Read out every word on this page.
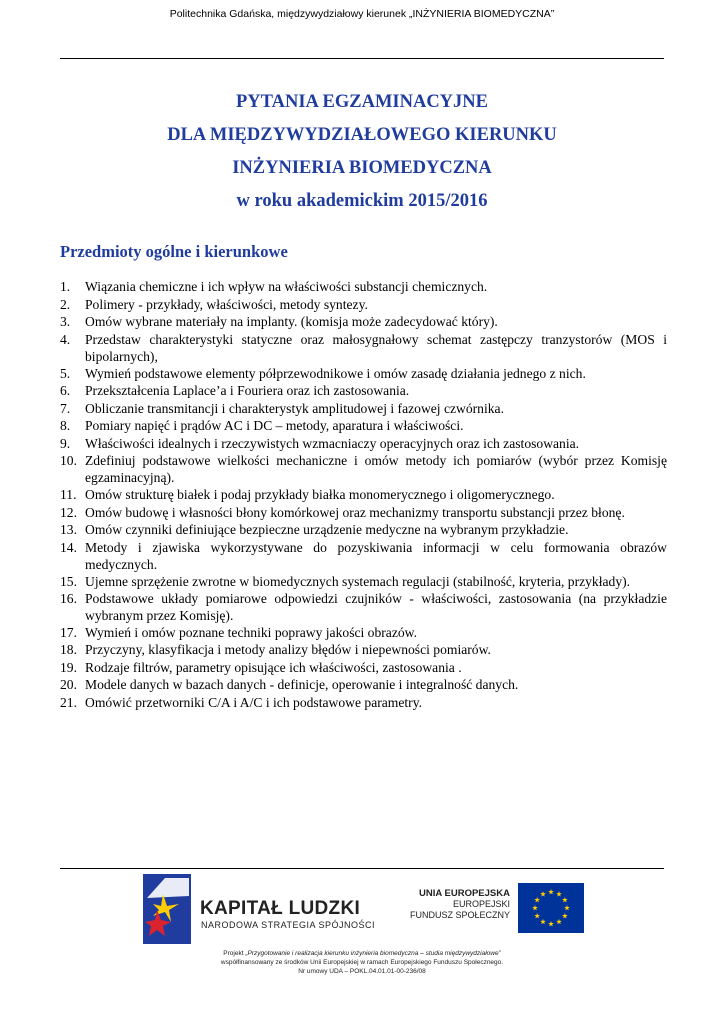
Politechnika Gdańska, międzywydziałowy kierunek „INŻYNIERIA BIOMEDYCZNA”
PYTANIA EGZAMINACYJNE
DLA MIĘDZYWYDZIAŁOWEGO KIERUNKU
INŻYNIERIA BIOMEDYCZNA
w roku akademickim 2015/2016
Przedmioty ogólne i kierunkowe
1.	Wiązania chemiczne i ich wpływ na właściwości substancji chemicznych.
2.	Polimery - przykłady, właściwości, metody syntezy.
3.	Omów wybrane materiały na implanty. (komisja może zadecydować który).
4.	Przedstaw charakterystyki statyczne oraz małosygnałowy schemat zastępczy tranzystorów (MOS i bipolarnych),
5.	Wymień podstawowe elementy półprzewodnikowe i omów zasadę działania jednego z nich.
6.	Przekształcenia Laplace’a i Fouriera oraz ich zastosowania.
7.	Obliczanie transmitancji i charakterystyk amplitudowej i fazowej czwórnika.
8.	Pomiary napięć i prądów AC i DC – metody, aparatura i właściwości.
9.	Właściwości idealnych i rzeczywistych wzmacniaczy operacyjnych oraz ich zastosowania.
10. Zdefiniuj podstawowe wielkości mechaniczne i omów metody ich pomiarów (wybór przez Komisję egzaminacyjną).
11. Omów strukturę białek i podaj przykłady białka monomerycznego i oligomerycznego.
12. Omów budowę i własności błony komórkowej oraz mechanizmy transportu substancji przez błonę.
13. Omów czynniki definiujące bezpieczne urządzenie medyczne na wybranym przykładzie.
14. Metody i zjawiska wykorzystywane do pozyskiwania informacji w celu formowania obrazów medycznych.
15. Ujemne sprzężenie zwrotne w biomedycznych systemach regulacji (stabilność, kryteria, przykłady).
16. Podstawowe układy pomiarowe odpowiedzi czujników - właściwości, zastosowania (na przykładzie wybranym przez Komisję).
17. Wymień i omów poznane techniki poprawy jakości obrazów.
18. Przyczyny, klasyfikacja i metody analizy błędów i niepewności pomiarów.
19. Rodzaje filtrów, parametry opisujące ich właściwości, zastosowania .
20. Modele danych w bazach danych - definicje, operowanie i integralność danych.
21. Omówić przetworniki C/A i A/C i ich podstawowe parametry.
KAPITAŁ LUDZKI
NARODOWA STRATEGIA SPÓJNOŚCI
UNIA EUROPEJSKA
EUROPEJSKI
FUNDUSZ SPOŁECZNY
Projekt „Przygotowanie i realizacja kierunku inżynieria biomedyczna – studia międzywydziałowe”
współfinansowany ze środków Unii Europejskiej w ramach Europejskiego Funduszu Społecznego.
Nr umowy UDA – POKL.04.01.01-00-236/08
